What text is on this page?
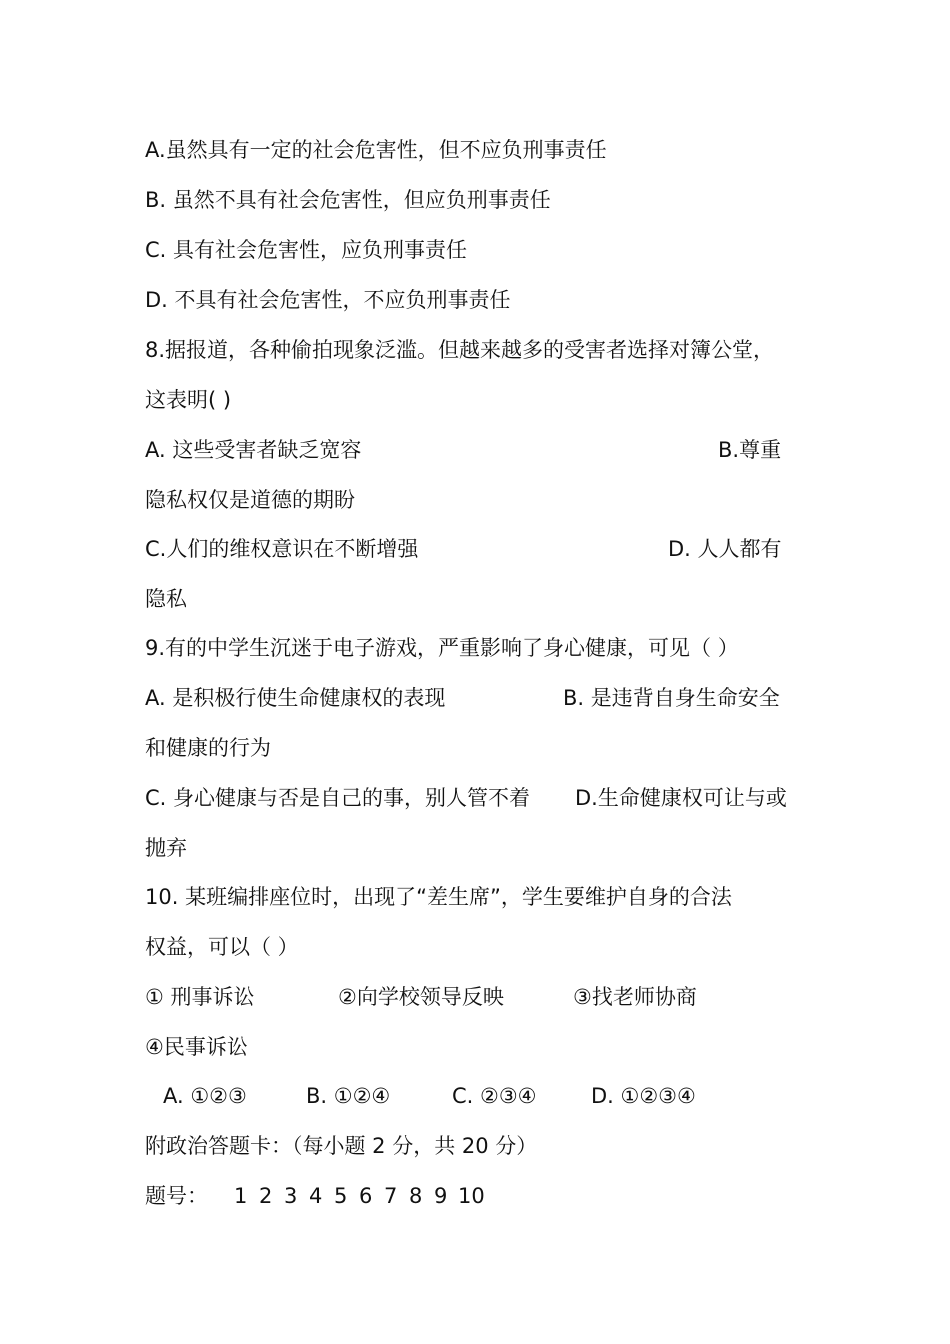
A.虽然具有一定的社会危害性，但不应负刑事责任
B. 虽然不具有社会危害性，但应负刑事责任
C. 具有社会危害性，应负刑事责任
D. 不具有社会危害性，不应负刑事责任
8.据报道，各种偷拍现象泛滥。但越来越多的受害者选择对簿公堂，
这表明( )
A. 这些受害者缺乏宽容	B.尊重
隐私权仅是道德的期盼
C.人们的维权意识在不断增强	D. 人人都有
隐私
9.有的中学生沉迷于电子游戏，严重影响了身心健康，可见（ ）
A. 是积极行使生命健康权的表现	B. 是违背自身生命安全
和健康的行为
C. 身心健康与否是自己的事，别人管不着 D.生命健康权可让与或
抛弃
10. 某班编排座位时，出现了“差生席”，学生要维护自身的合法
权益，可以（ ）
① 刑事诉讼	②向学校领导反映	③找老师协商
④民事诉讼
A. ①②③	B. ①②④	C. ②③④	D. ①②③④
附政治答题卡：（每小题 2 分，共 20 分）
题号： 1 2 3 4 5 6 7 8 9 10
